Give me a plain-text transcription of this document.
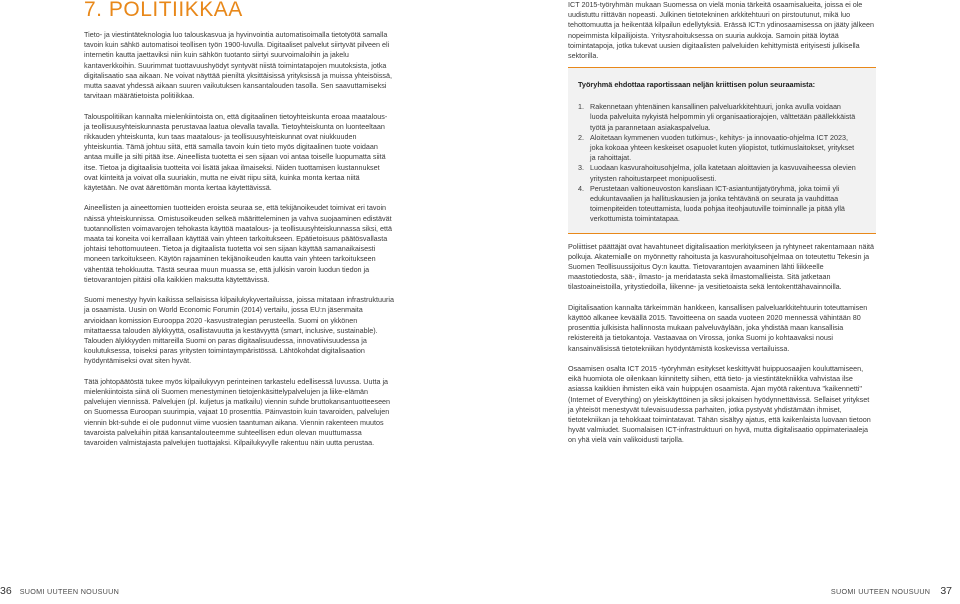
7. POLITIIKKAA

Tieto- ja viestintäteknologia luo talouskasvua ja hyvinvointia automatisoimalla tietotyötä samalla tavoin kuin sähkö automatisoi teollisen työn 1900-luvulla. Digitaaliset palvelut siirtyvät pilveen eli internetin kautta jaettaviksi niin kuin sähkön tuotanto siirtyi suurvoimaloihin ja jakelu kantaverkkoihin. Suurimmat tuottavuushyödyt syntyvät niistä toimintatapojen muutoksista, jotka digitalisaatio saa aikaan. Ne voivat näyttää pieniltä yksittäisissä yrityksissä ja muissa yhteisöissä, mutta saavat yhdessä aikaan suuren vaikutuksen kansantalouden tasolla. Sen saavuttamiseksi tarvitaan määrätietoista politiikkaa.

Talouspolitiikan kannalta mielenkiintoista on, että digitaalinen tietoyhteiskunta eroaa maatalous- ja teollisuusyhteiskunnasta perustavaa laatua olevalla tavalla. Tietoyhteiskunta on luonteeltaan rikkauden yhteiskunta, kun taas maatalous- ja teollisuusyhteiskunnat ovat niukkuuden yhteiskuntia. Tämä johtuu siitä, että samalla tavoin kuin tieto myös digitaalinen tuote voidaan antaa muille ja silti pitää itse. Aineellista tuotetta ei sen sijaan voi antaa toiselle luopumatta siitä itse. Tietoa ja digitaalisia tuotteita voi lisätä jakaa ilmaiseksi. Niiden tuottamisen kustannukset ovat kiinteitä ja voivat olla suuriakin, mutta ne eivät riipu siitä, kuinka monta kertaa niitä käytetään. Ne ovat äärettömän monta kertaa käytettävissä.

Aineellisten ja aineettomien tuotteiden eroista seuraa se, että tekijänoikeudet toimivat eri tavoin näissä yhteiskunnissa. Omistusoikeuden selkeä määritteleminen ja vahva suojaaminen edistävät tuotannollisten voimavarojen tehokasta käyttöä maatalous- ja teollisuusyhteiskunnassa siksi, että maata tai koneita voi kerrallaan käyttää vain yhteen tarkoitukseen. Epätietoisuus päätösvallasta johtaisi tehottomuuteen. Tietoa ja digitaalista tuotetta voi sen sijaan käyttää samanaikaisesti moneen tarkoitukseen. Käytön rajaaminen tekijänoikeuden kautta vain yhteen tarkoitukseen vähentää tehokkuutta. Tästä seuraa muun muassa se, että julkisin varoin luodun tiedon ja tietovarantojen pitäisi olla kaikkien maksutta käytettävissä.

Suomi menestyy hyvin kaikissa sellaisissa kilpailukykyvertailuissa, joissa mitataan infrastruktuuria ja osaamista. Uusin on World Economic Forumin (2014) vertailu, jossa EU:n jäsenmaita arvioidaan komission Eurooppa 2020 -kasvustrategian perusteella. Suomi on ykkönen mitattaessa talouden älykkyyttä, osallistavuutta ja kestävyyttä (smart, inclusive, sustainable). Talouden älykkyyden mittareilla Suomi on paras digitaalisuudessa, innovatiivisuudessa ja koulutuksessa, toiseksi paras yritysten toimintaympäristössä. Lähtökohdat digitalisaation hyödyntämiseksi ovat siten hyvät.

Tätä johtopäätöstä tukee myös kilpailukyvyn perinteinen tarkastelu edellisessä luvussa. Uutta ja mielenkiintoista siinä oli Suomen menestyminen tietojenkäsittelypalvelujen ja liike-elämän palvelujen viennissä. Palvelujen (pl. kuljetus ja matkailu) viennin suhde bruttokansantuotteeseen on Suomessa Euroopan suurimpia, vajaat 10 prosenttia. Päinvastoin kuin tavaroiden, palvelujen viennin bkt-suhde ei ole pudonnut viime vuosien taantuman aikana. Viennin rakenteen muutos tavaroista palveluihin pitää kansantalouteemme suhteellisen edun olevan muuttumassa tavaroiden valmistajasta palvelujen tuottajaksi. Kilpailukyvylle rakentuu näin uutta perustaa.

36 SUOMI UUTEEN NOUSUUN

ICT 2015-työryhmän mukaan Suomessa on vielä monia tärkeitä osaamisalueita, joissa ei ole uudistuttu riittävän nopeasti. Julkinen tietotekninen arkkitehtuuri on pirstoutunut, mikä luo tehottomuutta ja heikentää kilpailun edellytyksiä. Erässä ICT:n ydinosaamisessa on jääty jälkeen nopeimmista kilpailijoista. Yritysrahoituksessa on suuria aukkoja. Samoin pitää löytää toimintatapoja, jotka tukevat uusien digitaalisten palveluiden kehittymistä erityisesti julkisella sektorilla.

Työryhmä ehdottaa raportissaan neljän kriittisen polun seuraamista:
1. Rakennetaan yhtenäinen kansallinen palveluarkkitehtuuri, jonka avulla voidaan luoda palveluita nykyistä helpommin yli organisaatiorajojen, välttetään päällekkäistä työtä ja parannetaan asiakaspalvelua.
2. Aloitetaan kymmenen vuoden tutkimus-, kehitys- ja innovaatio-ohjelma ICT 2023, joka kokoaa yhteen keskeiset osapuolet kuten yliopistot, tutkimuslaitokset, yritykset ja rahoittajat.
3. Luodaan kasvurahoitusohjelma, jolla katetaan aloittavien ja kasvuvaiheessa olevien yritysten rahoitustarpeet monipuolisesti.
4. Perustetaan valtioneuvoston kansliaan ICT-asiantuntijatyöryhmä, joka toimii yli edukuntavaalien ja hallituskausien ja jonka tehtävänä on seurata ja vauhdittaa toimenpiteiden toteuttamista, luoda pohjaa iteohjautuville toiminnalle ja pitää yllä verkottumista toimintatapaa.

Poliittiset päättäjät ovat havahtuneet digitalisaation merkitykseen ja ryhtyneet rakentamaan näitä polkuja. Akatemialle on myönnetty rahoitusta ja kasvurahoitusohjelmaa on toteutettu Tekesin ja Suomen Teollisuussijoitus Oy:n kautta. Tietovarantojen avaaminen lähti liikkeelle maastotiedosta, sää-, ilmasto- ja meridatasta sekä ilmastomallieista. Sitä jatketaan tilastoaineistoilla, yritystiedoilla, liikenne- ja vesitietoaista sekä lentokenttähavainnoilla.

Digitalisaation kannalta tärkeimmän hankkeen, kansallisen palveluarkkitehtuurin toteuttamisen käyttöö alkanee keväällä 2015. Tavoitteena on saada vuoteen 2020 mennessä vähintään 80 prosenttia julkisista hallinnosta mukaan palveluväylään, joka yhdistää maan kansallisia rekistereitä ja tietokantoja. Vastaavaa on Virossa, jonka Suomi jo kohtaavaksi nousi kansainvälisissä tietotekniikan hyödyntämistä koskevissa vertailuissa.

Osaamisen osalta ICT 2015 -työryhmän esitykset keskittyvät huippuosaajien kouluttamiseen, eikä huomiota ole oilenkaan kiinnitetty siihen, että tieto- ja viestintätekniikka vahvistaa ilse asiassa kaikkien ihmisten eikä vain huippujen osaamista. Ajan myötä rakentuva "kaikennetti" (Internet of Everything) on yleiskäyttöinen ja siksi jokaisen hyödynnettävissä. Sellaiset yritykset ja yhteisöt menestyvät tulevaisuudessa parhaiten, jotka pystyvät yhdistämään ihmiset, tietotekniikan ja tehokkaat toimintatavat. Tähän sisältyy ajatus, että kaikenlaista luovaan tietoon hyvät valmiudet. Suomalaisen ICT-infrastruktuuri on hyvä, mutta digitalisaatio oppimateriaaleja on yhä vielä vain valikoidusti tarjolla.

SUOMI UUTEEN NOUSUUN 37
